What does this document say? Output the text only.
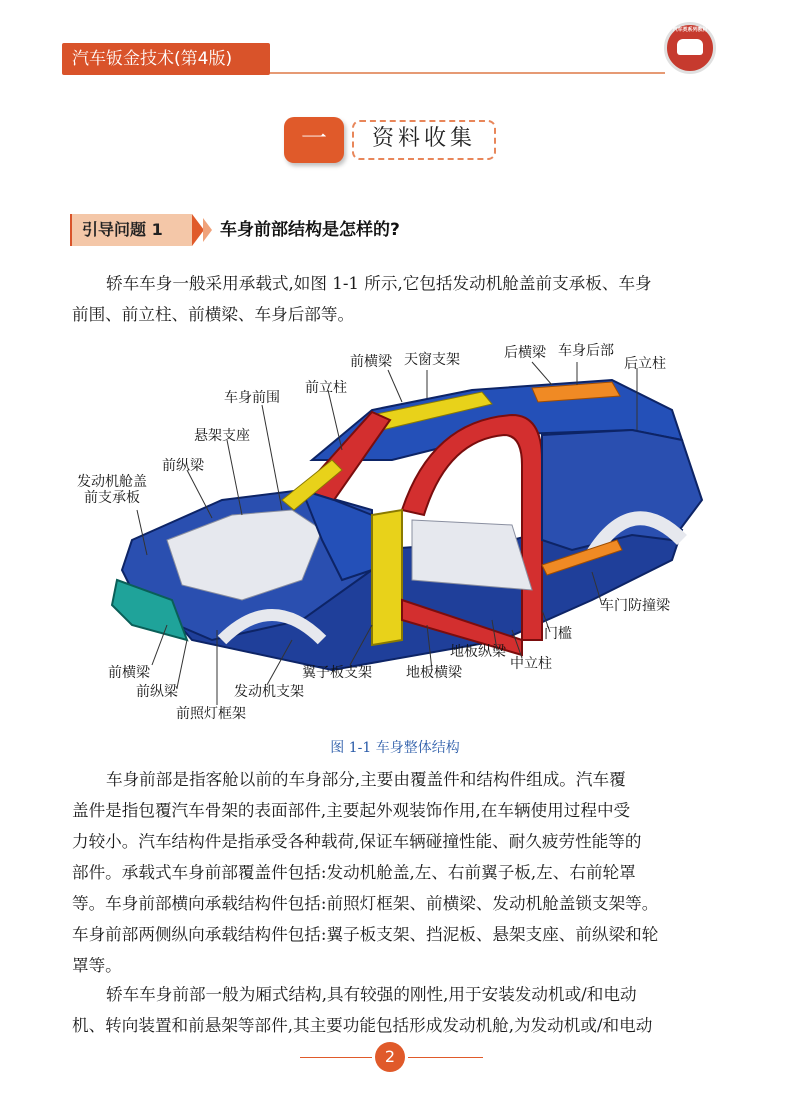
汽车钣金技术(第4版)
汽车类系列教材
一	资料收集
引导问题 1	车身前部结构是怎样的?
轿车车身一般采用承载式,如图 1-1 所示,它包括发动机舱盖前支承板、车身
前围、前立柱、前横梁、车身后部等。
前横梁 天窗支架	后横梁 车身后部
后立柱
前立柱
车身前围
悬架支座
前纵梁
发动机舱盖
前支承板
车门防撞梁
门槛
地板纵梁
中立柱
前横梁	翼子板支架 地板横梁
前纵梁	发动机支架
前照灯框架
图 1-1 车身整体结构
车身前部是指客舱以前的车身部分,主要由覆盖件和结构件组成。汽车覆
盖件是指包覆汽车骨架的表面部件,主要起外观装饰作用,在车辆使用过程中受
力较小。汽车结构件是指承受各种载荷,保证车辆碰撞性能、耐久疲劳性能等的
部件。承载式车身前部覆盖件包括:发动机舱盖,左、右前翼子板,左、右前轮罩
等。车身前部横向承载结构件包括:前照灯框架、前横梁、发动机舱盖锁支架等。
车身前部两侧纵向承载结构件包括:翼子板支架、挡泥板、悬架支座、前纵梁和轮
罩等。
轿车车身前部一般为厢式结构,具有较强的刚性,用于安装发动机或/和电动
机、转向装置和前悬架等部件,其主要功能包括形成发动机舱,为发动机或/和电动
2
